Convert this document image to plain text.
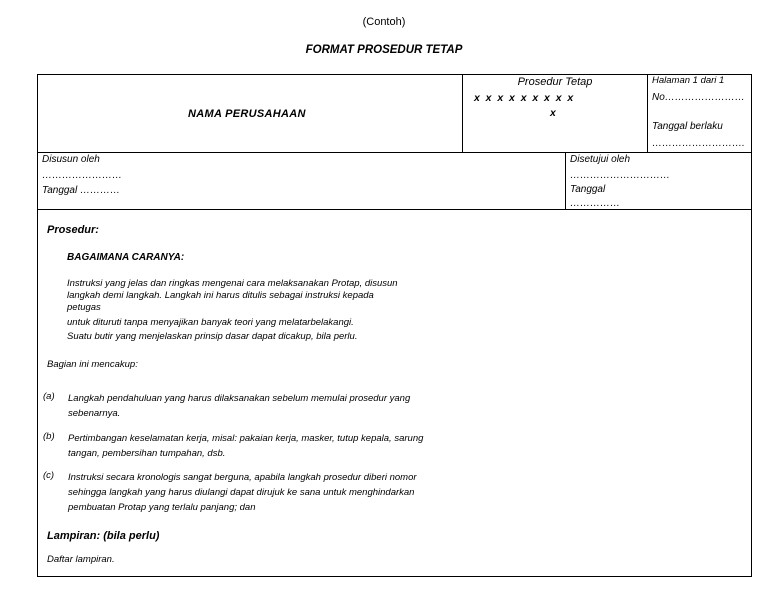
(Contoh)
FORMAT PROSEDUR TETAP
NAMA PERUSAHAAN
Prosedur Tetap
x  x  x  x  x  x  x  x  x
x
Halaman 1 dari 1
No……………………
Tanggal berlaku
……………………….
Disusun oleh
……………………
Tanggal …………
Disetujui oleh
…………………………
Tanggal
……………
Prosedur:
BAGAIMANA CARANYA:
Instruksi yang jelas dan ringkas mengenai cara melaksanakan Protap, disusun
langkah demi langkah. Langkah ini harus ditulis sebagai instruksi kepada
petugas
untuk dituruti tanpa menyajikan banyak teori yang melatarbelakangi.
Suatu butir yang menjelaskan prinsip dasar dapat dicakup, bila perlu.
Bagian ini mencakup:
(a) Langkah pendahuluan yang harus dilaksanakan sebelum memulai prosedur yang
sebenarnya.
(b) Pertimbangan keselamatan kerja, misal: pakaian kerja, masker, tutup kepala, sarung
tangan, pembersihan tumpahan, dsb.
(c) Instruksi secara kronologis sangat berguna, apabila langkah prosedur diberi nomor
sehingga langkah yang harus diulangi dapat dirujuk ke sana untuk menghindarkan
pembuatan Protap yang terlalu panjang; dan
Lampiran: (bila perlu)
Daftar lampiran.
